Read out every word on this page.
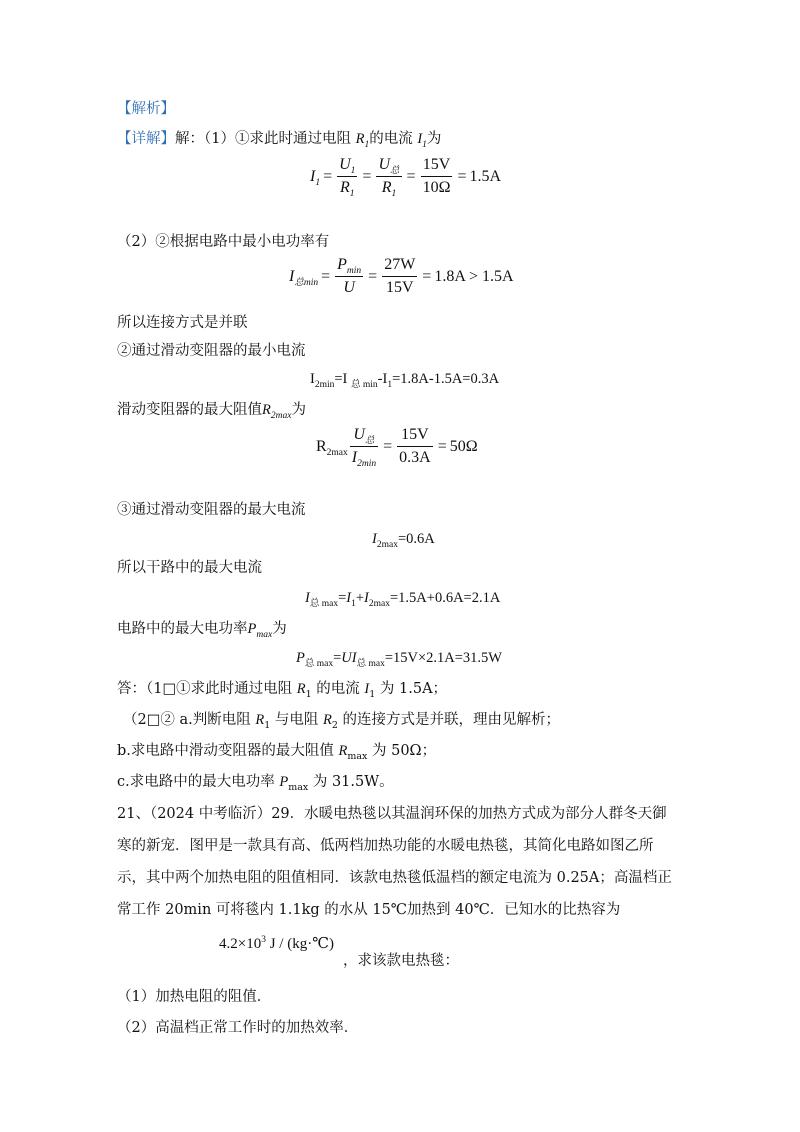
【解析】
【详解】解：（1）①求此时通过电阻 $R_1$的电流 $I_1$为
$I_1 = \frac{U_1}{R_1} = \frac{U_总}{R_1} = \frac{15V}{10\Omega} = 1.5A$
（2）②根据电路中最小电功率有
$I_{总min} = \frac{P_{min}}{U} = \frac{27W}{15V} = 1.8A > 1.5A$
所以连接方式是并联
②通过滑动变阻器的最小电流
$I_{2min}=I$ $_{总 min}-I_1=1.8A-1.5A=0.3A$
滑动变阻器的最大阻值$R_{2max}$为
$R_{2max} \frac{U_总}{I_{2min}} = \frac{15V}{0.3A} = 50\Omega$
③通过滑动变阻器的最大电流
$I_{2max}=0.6A$
所以干路中的最大电流
$I_{总 max}=I_1+I_{2max}=1.5A+0.6A=2.1A$
电路中的最大电功率$P_{max}$为
$P_{总 max}=UI_{总 max}=15V\times 2.1A=31.5W$
答：（1□①求此时通过电阻 $R_1$ 的电流 $I_1$ 为 1.5A；
（2□② a.判断电阻 $R_1$ 与电阻 $R_2$ 的连接方式是并联，理由见解析；
b.求电路中滑动变阻器的最大阻值 $R_{max}$ 为 50Ω；
c.求电路中的最大电功率 $P_{max}$ 为 31.5W。
21、（2024 中考临沂）29．水暖电热毯以其温润环保的加热方式成为部分人群冬天御
寒的新宠．图甲是一款具有高、低两档加热功能的水暖电热毯，其简化电路如图乙所
示，其中两个加热电阻的阻值相同．该款电热毯低温档的额定电流为 0.25A；高温档正
常工作 20min 可将毯内 1.1kg 的水从 15℃加热到 40℃．已知水的比热容为
$4.2\times 10^3$ J / (kg·℃)
，求该款电热毯：
（1）加热电阻的阻值．
（2）高温档正常工作时的加热效率．
